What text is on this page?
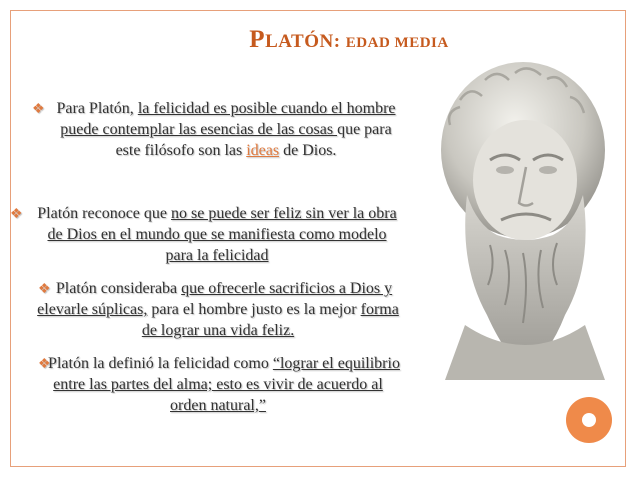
PLATÓN: EDAD MEDIA
❖ Para Platón, la felicidad es posible cuando el hombre puede contemplar las esencias de las cosas que para este filósofo son las ideas de Dios.
❖ Platón reconoce que no se puede ser feliz sin ver la obra de Dios en el mundo que se manifiesta como modelo para la felicidad
❖ Platón consideraba que ofrecerle sacrificios a Dios y elevarle súplicas, para el hombre justo es la mejor forma de lograr una vida feliz.
❖
Platón la definió la felicidad como “lograr el equilibrio entre las partes del alma; esto es vivir de acuerdo al orden natural,”
